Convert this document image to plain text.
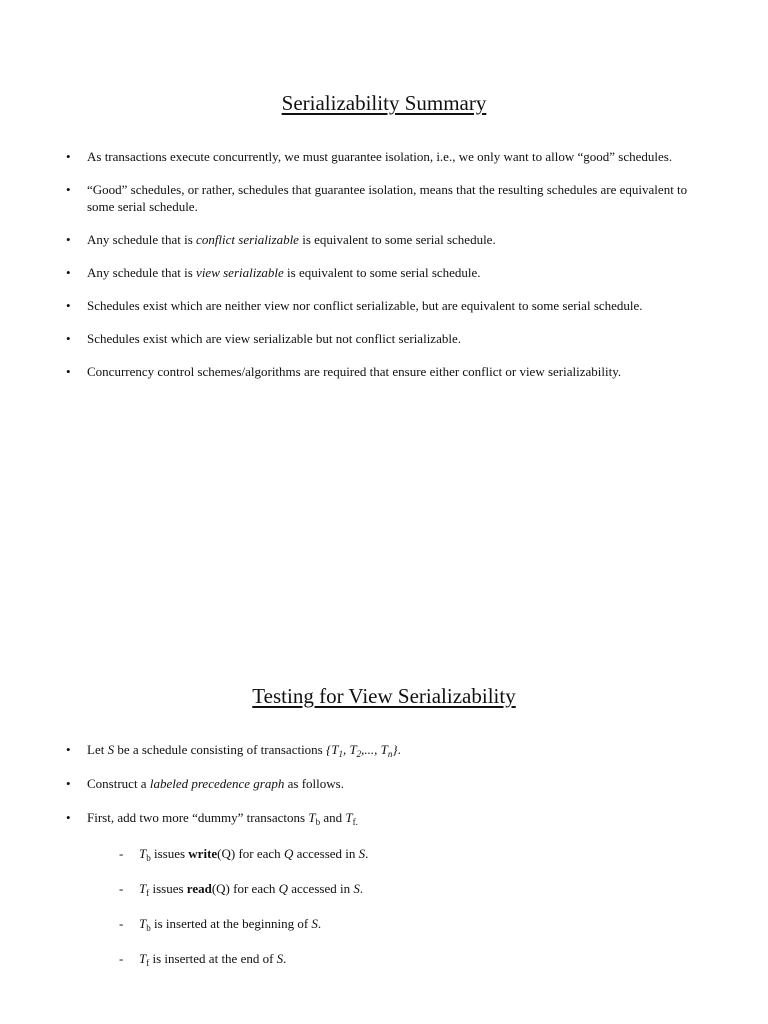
Serializability Summary
• As transactions execute concurrently, we must guarantee isolation, i.e., we only want to allow “good” schedules.
• “Good” schedules, or rather, schedules that guarantee isolation, means that the resulting schedules are equivalent to some serial schedule.
• Any schedule that is conflict serializable is equivalent to some serial schedule.
• Any schedule that is view serializable is equivalent to some serial schedule.
• Schedules exist which are neither view nor conflict serializable, but are equivalent to some serial schedule.
• Schedules exist which are view serializable but not conflict serializable.
• Concurrency control schemes/algorithms are required that ensure either conflict or view serializability.
Testing for View Serializability
• Let S be a schedule consisting of transactions {$T_1$, $T_2$,..., $T_n$}.
• Construct a labeled precedence graph as follows.
• First, add two more “dummy” transactons $T_b$ and $T_{f.}$
- $T_b$ issues write(Q) for each Q accessed in S.
- $T_f$ issues read(Q) for each Q accessed in S.
- $T_b$ is inserted at the beginning of S.
- $T_f$ is inserted at the end of S.
